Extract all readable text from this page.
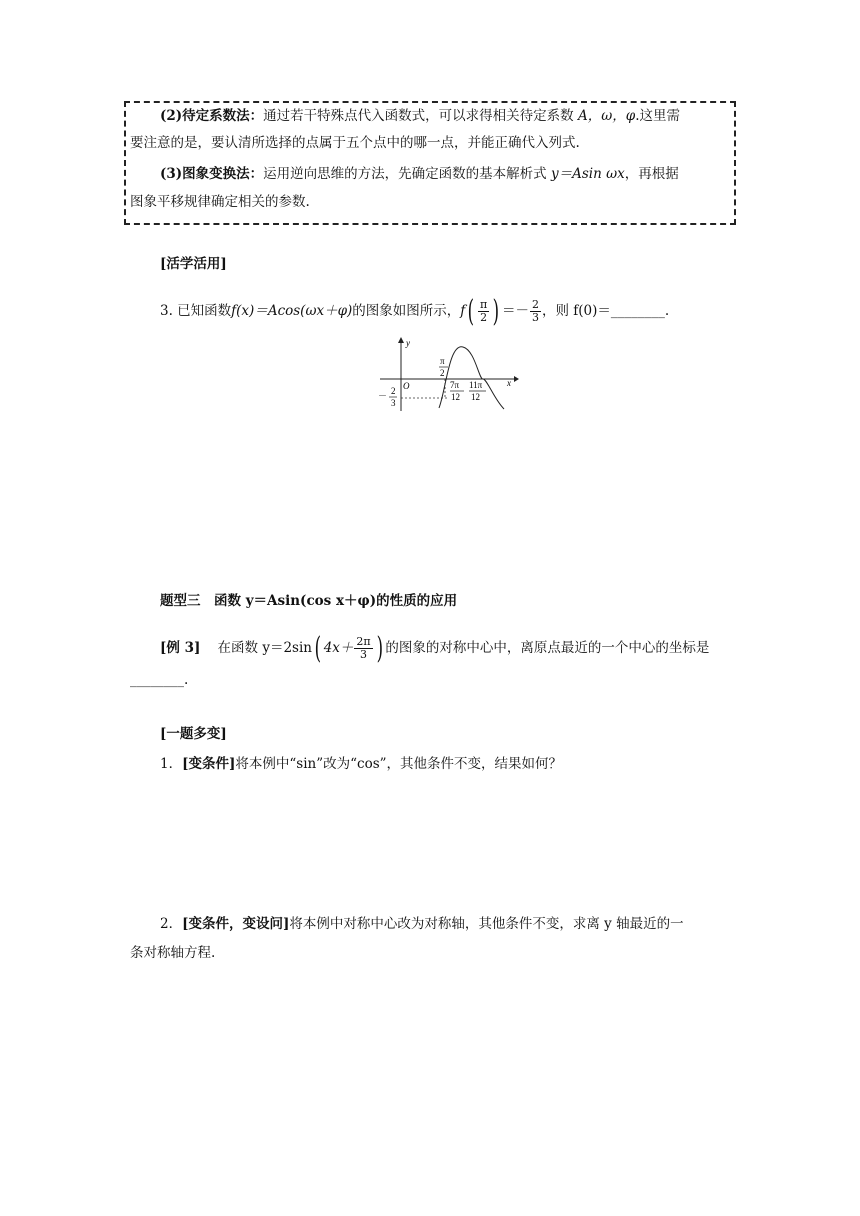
(2)待定系数法：通过若干特殊点代入函数式，可以求得相关待定系数 A，ω，φ.这里需
要注意的是，要认清所选择的点属于五个点中的哪一点，并能正确代入列式.
(3)图象变换法：运用逆向思维的方法，先确定函数的基本解析式 y＝Asin ωx，再根据
图象平移规律确定相关的参数.
[活学活用]
3. 已知函数f(x)＝Acos(ωx＋φ)的图象如图所示，$f( \frac{\pi}{2}$ ) ＝－ $\frac{2}{3}$ ，则 f(0)＝________.
y
x
O
π
2
7π
12
11π
12
－ 2
3
题型三　函数 y＝Asin(cos x＋φ)的性质的应用
[例 3] 在函数 y＝2sin( $4x+ \frac{2\pi}{3}$ ) 的图象的对称中心中，离原点最近的一个中心的坐标是
________.
[一题多变]
1．[变条件]将本例中“sin”改为“cos”，其他条件不变，结果如何？
2．[变条件，变设问]将本例中对称中心改为对称轴，其他条件不变，求离 y 轴最近的一
条对称轴方程.
